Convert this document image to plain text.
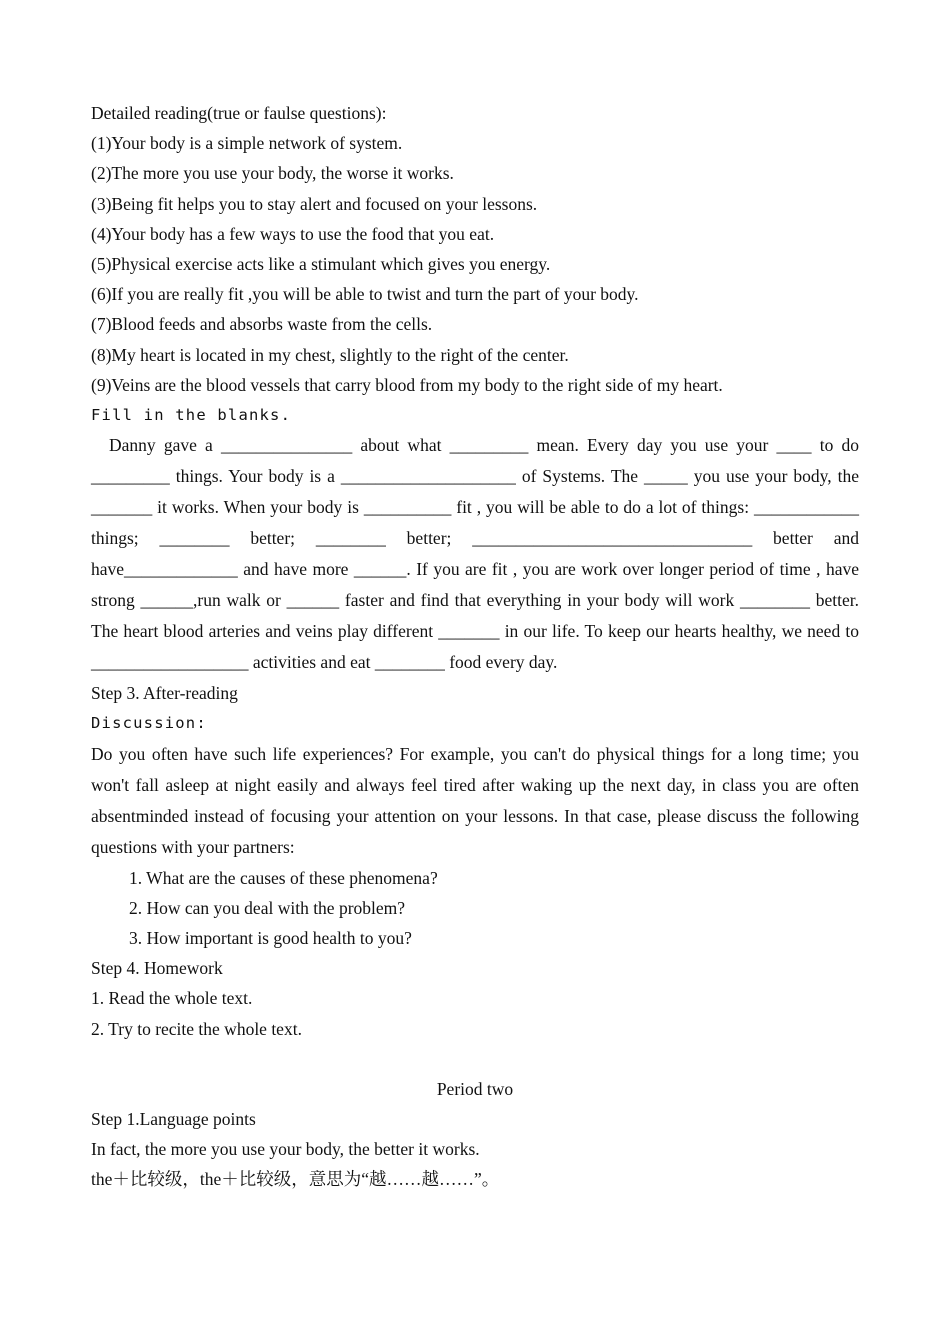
Detailed reading(true or faulse questions):
(1)Your body is a simple network of system.
(2)The more you use your body, the worse it works.
(3)Being fit helps you to stay alert and focused on your lessons.
(4)Your body has a few ways to use the food that you eat.
(5)Physical exercise acts like a stimulant which gives you energy.
(6)If you are really fit ,you will be able to twist and turn the part of your body.
(7)Blood feeds and absorbs waste from the cells.
(8)My heart is located in my chest, slightly to the right of the center.
(9)Veins are the blood vessels that carry blood from my body to the right side of my heart.
Fill in the blanks.
Danny gave a _______________ about what _________ mean. Every day you use your ____ to do _________ things. Your body is a ____________________ of Systems. The _____ you use your body, the _______ it works. When your body is __________ fit , you will be able to do a lot of things: ____________ things; ________ better; ________ better; ________________________________ better and have_____________ and have more ______. If you are fit , you are work over longer period of time , have strong ______,run walk or ______ faster and find that everything in your body will work ________ better. The heart blood arteries and veins play different _______ in our life. To keep our hearts healthy, we need to __________________ activities and eat ________ food every day.
Step 3. After-reading
Discussion:
Do you often have such life experiences? For example, you can't do physical things for a long time; you won't fall asleep at night easily and always feel tired after waking up the next day, in class you are often absentminded instead of focusing your attention on your lessons. In that case, please discuss the following questions with your partners:
1. What are the causes of these phenomena?
2. How can you deal with the problem?
3. How important is good health to you?
Step 4. Homework
1. Read the whole text.
2. Try to recite the whole text.
Period two
Step 1.Language points
In fact, the more you use your body, the better it works.
the＋比较级，the＋比较级，意思为“越……越……”。
